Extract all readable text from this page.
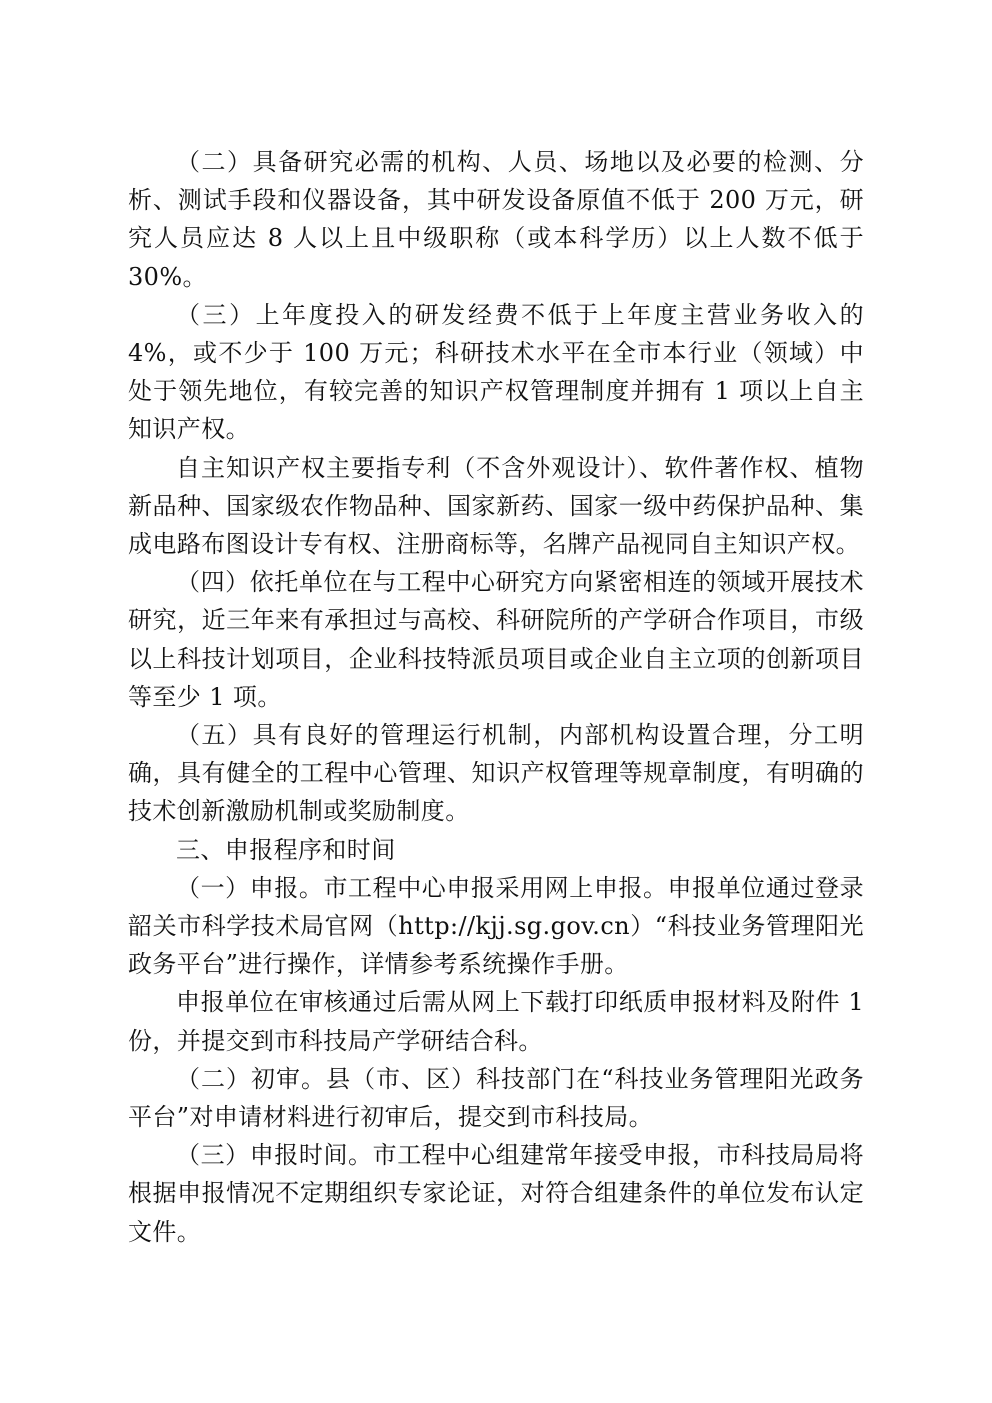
（二）具备研究必需的机构、人员、场地以及必要的检测、分析、测试手段和仪器设备，其中研发设备原值不低于 200 万元，研究人员应达 8 人以上且中级职称（或本科学历）以上人数不低于 30%。

（三）上年度投入的研发经费不低于上年度主营业务收入的 4%，或不少于 100 万元；科研技术水平在全市本行业（领域）中处于领先地位，有较完善的知识产权管理制度并拥有 1 项以上自主知识产权。

自主知识产权主要指专利（不含外观设计）、软件著作权、植物新品种、国家级农作物品种、国家新药、国家一级中药保护品种、集成电路布图设计专有权、注册商标等，名牌产品视同自主知识产权。

（四）依托单位在与工程中心研究方向紧密相连的领域开展技术研究，近三年来有承担过与高校、科研院所的产学研合作项目，市级以上科技计划项目，企业科技特派员项目或企业自主立项的创新项目等至少 1 项。

（五）具有良好的管理运行机制，内部机构设置合理，分工明确，具有健全的工程中心管理、知识产权管理等规章制度，有明确的技术创新激励机制或奖励制度。

三、申报程序和时间

（一）申报。市工程中心申报采用网上申报。申报单位通过登录韶关市科学技术局官网（http://kjj.sg.gov.cn）“科技业务管理阳光政务平台”进行操作，详情参考系统操作手册。

申报单位在审核通过后需从网上下载打印纸质申报材料及附件 1 份，并提交到市科技局产学研结合科。

（二）初审。县（市、区）科技部门在“科技业务管理阳光政务平台”对申请材料进行初审后，提交到市科技局。

（三）申报时间。市工程中心组建常年接受申报，市科技局局将根据申报情况不定期组织专家论证，对符合组建条件的单位发布认定文件。
